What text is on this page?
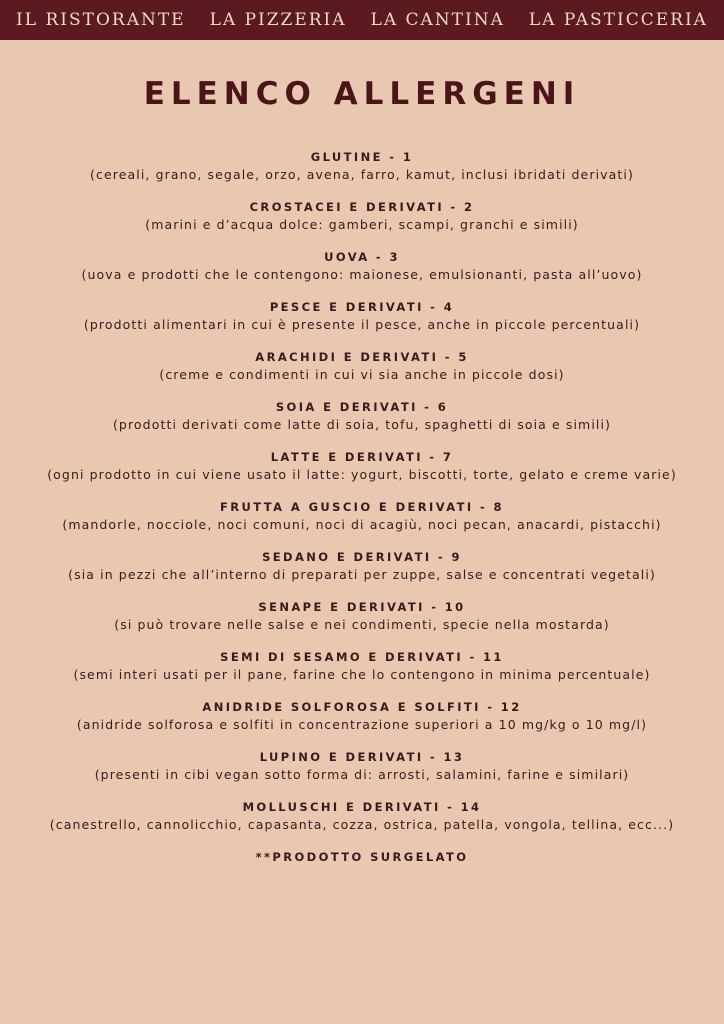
IL RISTORANTE LA PIZZERIA LA CANTINA LA PASTICCERIA
ELENCO ALLERGENI
GLUTINE - 1
(cereali, grano, segale, orzo, avena, farro, kamut, inclusi ibridati derivati)
CROSTACEI E DERIVATI - 2
(marini e d’acqua dolce: gamberi, scampi, granchi e simili)
UOVA - 3
(uova e prodotti che le contengono: maionese, emulsionanti, pasta all’uovo)
PESCE E DERIVATI - 4
(prodotti alimentari in cui è presente il pesce, anche in piccole percentuali)
ARACHIDI E DERIVATI - 5
(creme e condimenti in cui vi sia anche in piccole dosi)
SOIA E DERIVATI - 6
(prodotti derivati come latte di soia, tofu, spaghetti di soia e simili)
LATTE E DERIVATI - 7
(ogni prodotto in cui viene usato il latte: yogurt, biscotti, torte, gelato e creme varie)
FRUTTA A GUSCIO E DERIVATI - 8
(mandorle, nocciole, noci comuni, noci di acagiù, noci pecan, anacardi, pistacchi)
SEDANO E DERIVATI - 9
(sia in pezzi che all’interno di preparati per zuppe, salse e concentrati vegetali)
SENAPE E DERIVATI - 10
(si può trovare nelle salse e nei condimenti, specie nella mostarda)
SEMI DI SESAMO E DERIVATI - 11
(semi interi usati per il pane, farine che lo contengono in minima percentuale)
ANIDRIDE SOLFOROSA E SOLFITI - 12
(anidride solforosa e solfiti in concentrazione superiori a 10 mg/kg o 10 mg/l)
LUPINO E DERIVATI - 13
(presenti in cibi vegan sotto forma di: arrosti, salamini, farine e similari)
MOLLUSCHI E DERIVATI - 14
(canestrello, cannolicchio, capasanta, cozza, ostrica, patella, vongola, tellina, ecc...)
**PRODOTTO SURGELATO
